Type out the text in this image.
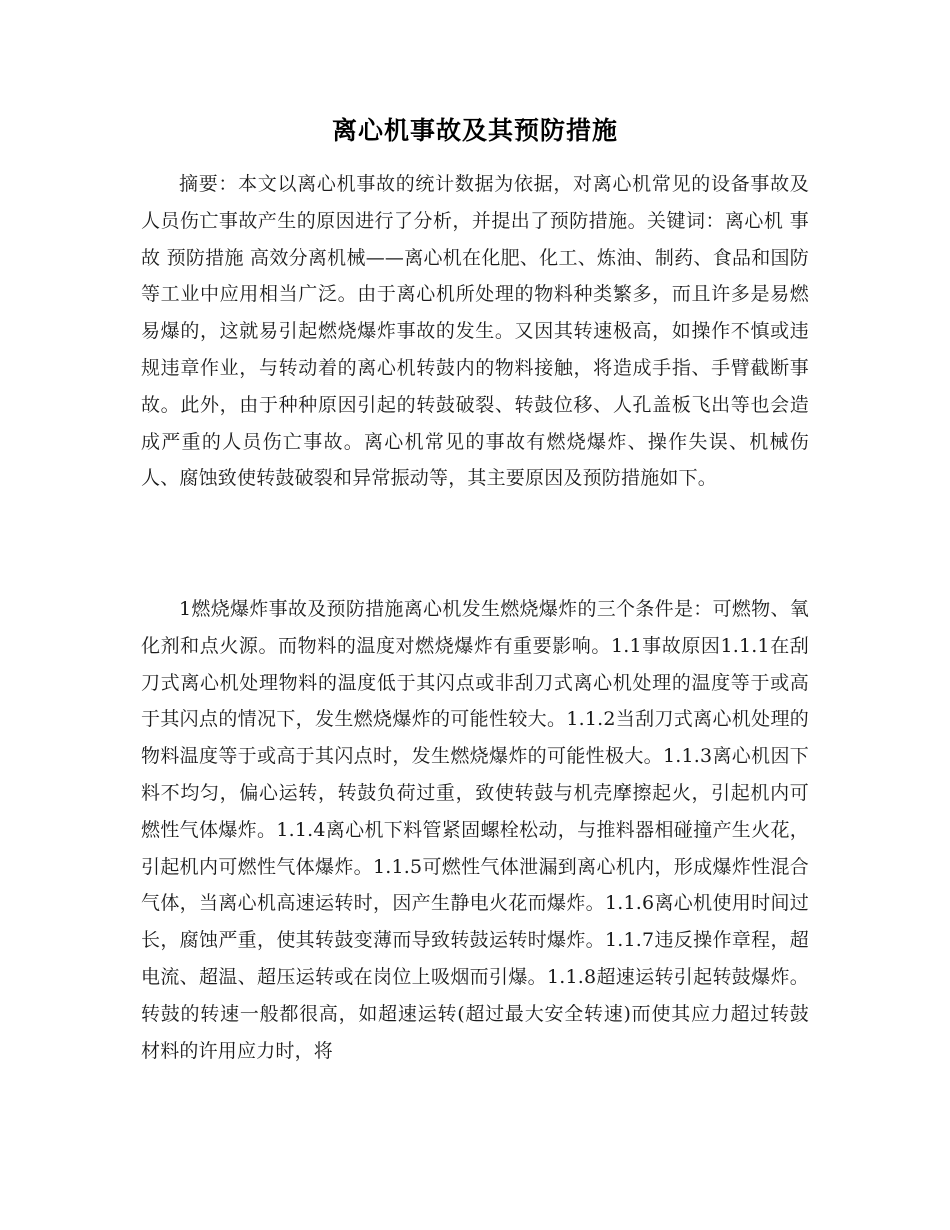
离心机事故及其预防措施

摘要：本文以离心机事故的统计数据为依据，对离心机常见的设备事故及人员伤亡事故产生的原因进行了分析，并提出了预防措施。关键词：离心机 事故 预防措施 高效分离机械——离心机在化肥、化工、炼油、制药、食品和国防等工业中应用相当广泛。由于离心机所处理的物料种类繁多，而且许多是易燃易爆的，这就易引起燃烧爆炸事故的发生。又因其转速极高，如操作不慎或违规违章作业，与转动着的离心机转鼓内的物料接触，将造成手指、手臂截断事故。此外，由于种种原因引起的转鼓破裂、转鼓位移、人孔盖板飞出等也会造成严重的人员伤亡事故。离心机常见的事故有燃烧爆炸、操作失误、机械伤人、腐蚀致使转鼓破裂和异常振动等，其主要原因及预防措施如下。

1燃烧爆炸事故及预防措施离心机发生燃烧爆炸的三个条件是：可燃物、氧化剂和点火源。而物料的温度对燃烧爆炸有重要影响。1.1事故原因1.1.1在刮刀式离心机处理物料的温度低于其闪点或非刮刀式离心机处理的温度等于或高于其闪点的情况下，发生燃烧爆炸的可能性较大。1.1.2当刮刀式离心机处理的物料温度等于或高于其闪点时，发生燃烧爆炸的可能性极大。1.1.3离心机因下料不均匀，偏心运转，转鼓负荷过重，致使转鼓与机壳摩擦起火，引起机内可燃性气体爆炸。1.1.4离心机下料管紧固螺栓松动，与推料器相碰撞产生火花，引起机内可燃性气体爆炸。1.1.5可燃性气体泄漏到离心机内，形成爆炸性混合气体，当离心机高速运转时，因产生静电火花而爆炸。1.1.6离心机使用时间过长，腐蚀严重，使其转鼓变薄而导致转鼓运转时爆炸。1.1.7违反操作章程，超电流、超温、超压运转或在岗位上吸烟而引爆。1.1.8超速运转引起转鼓爆炸。转鼓的转速一般都很高，如超速运转(超过最大安全转速)而使其应力超过转鼓材料的许用应力时，将
